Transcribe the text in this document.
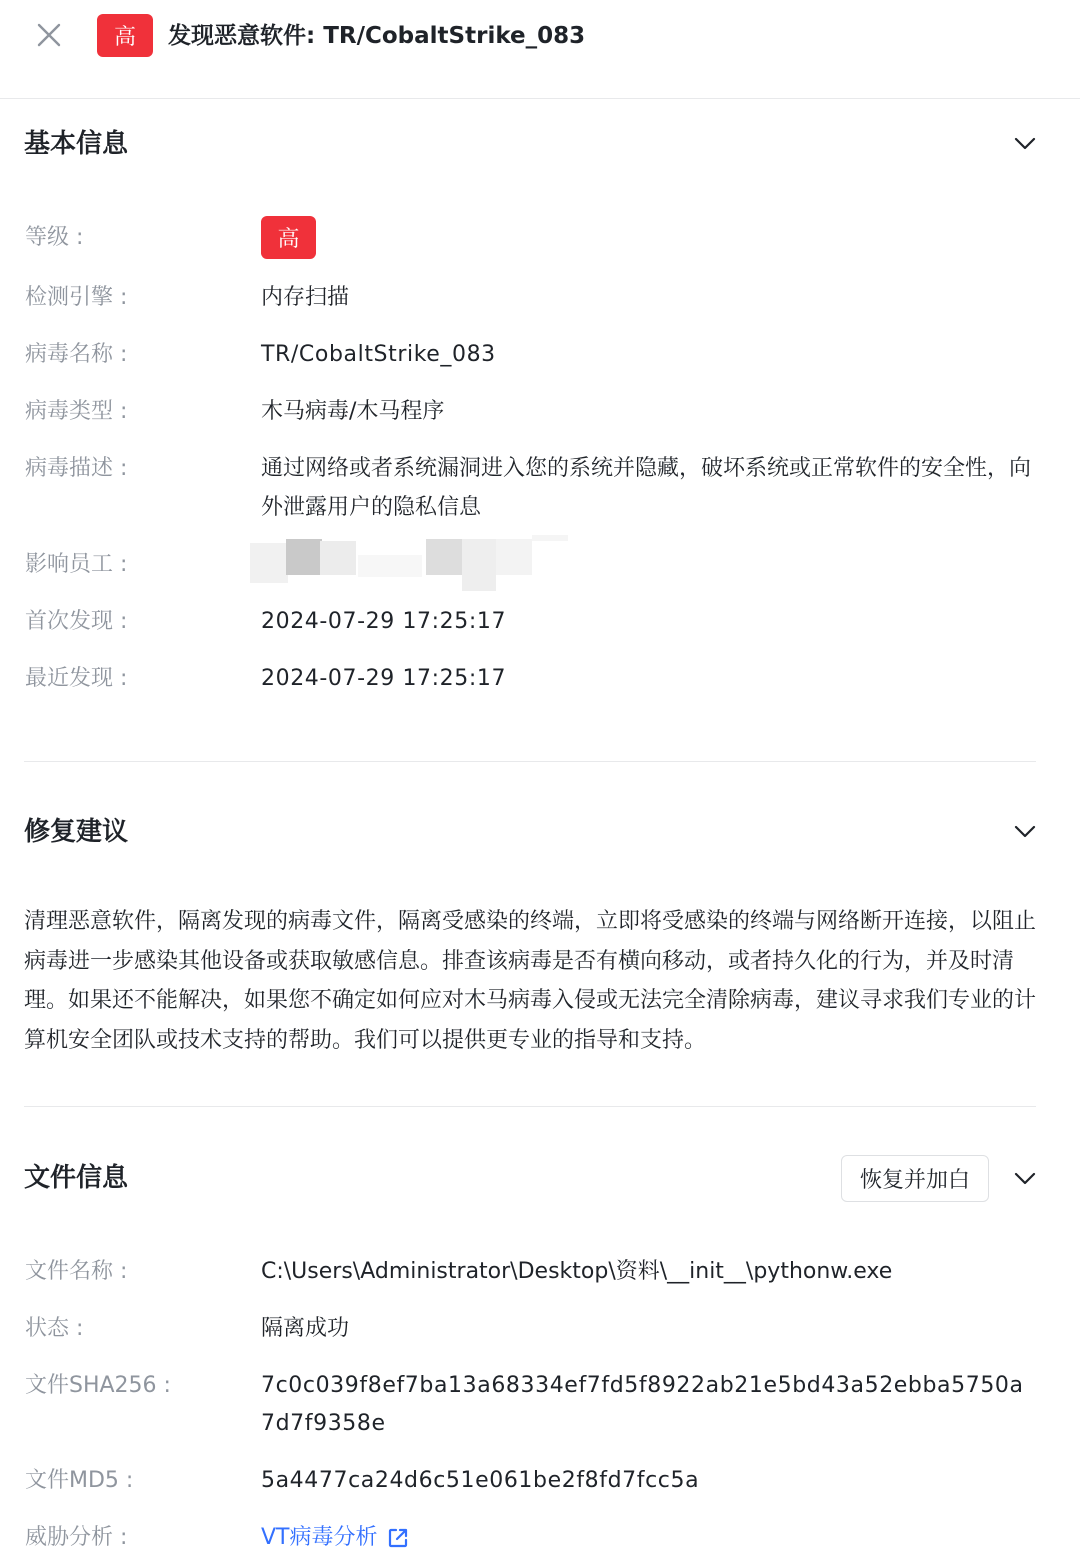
高	发现恶意软件: TR/CobaltStrike_083
基本信息
等级 :	高
检测引擎 :	内存扫描
病毒名称 :	TR/CobaltStrike_083
病毒类型 :	木马病毒/木马程序
病毒描述 :	通过网络或者系统漏洞进入您的系统并隐藏，破坏系统或正常软件的安全性，向外泄露用户的隐私信息
影响员工 :
首次发现 :	2024-07-29 17:25:17
最近发现 :	2024-07-29 17:25:17
修复建议
清理恶意软件，隔离发现的病毒文件，隔离受感染的终端，立即将受感染的终端与网络断开连接，以阻止病毒进一步感染其他设备或获取敏感信息。排查该病毒是否有横向移动，或者持久化的行为，并及时清理。如果还不能解决，如果您不确定如何应对木马病毒入侵或无法完全清除病毒，建议寻求我们专业的计算机安全团队或技术支持的帮助。我们可以提供更专业的指导和支持。
文件信息	恢复并加白
文件名称 :	C:\Users\Administrator\Desktop\资料\__init__\pythonw.exe
状态 :	隔离成功
文件SHA256 :	7c0c039f8ef7ba13a68334ef7fd5f8922ab21e5bd43a52ebba5750a
7d7f9358e
文件MD5 :	5a4477ca24d6c51e061be2f8fd7fcc5a
威胁分析 :	VT病毒分析
